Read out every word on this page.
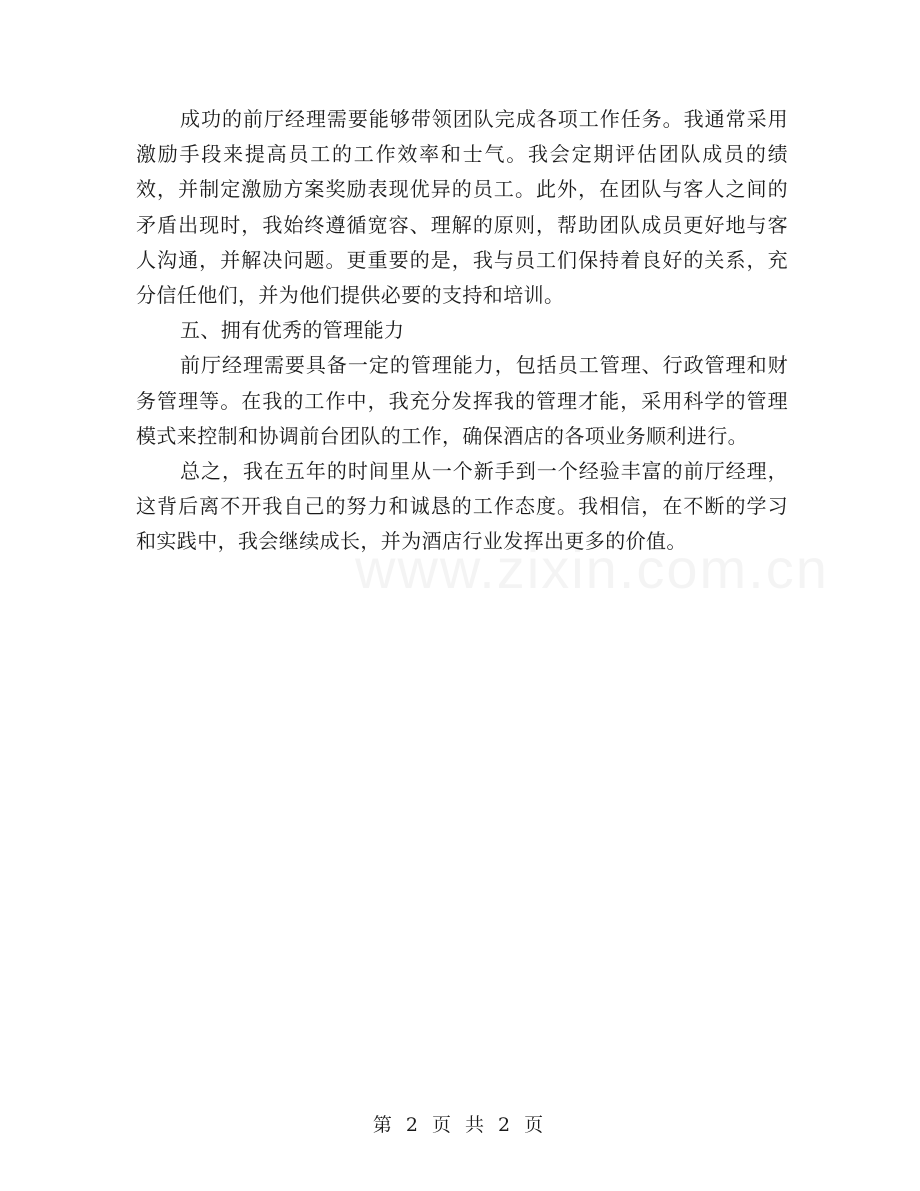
成功的前厅经理需要能够带领团队完成各项工作任务。我通常采用激励手段来提高员工的工作效率和士气。我会定期评估团队成员的绩效，并制定激励方案奖励表现优异的员工。此外，在团队与客人之间的矛盾出现时，我始终遵循宽容、理解的原则，帮助团队成员更好地与客人沟通，并解决问题。更重要的是，我与员工们保持着良好的关系，充分信任他们，并为他们提供必要的支持和培训。

五、拥有优秀的管理能力

前厅经理需要具备一定的管理能力，包括员工管理、行政管理和财务管理等。在我的工作中，我充分发挥我的管理才能，采用科学的管理模式来控制和协调前台团队的工作，确保酒店的各项业务顺利进行。

总之，我在五年的时间里从一个新手到一个经验丰富的前厅经理，这背后离不开我自己的努力和诚恳的工作态度。我相信，在不断的学习和实践中，我会继续成长，并为酒店行业发挥出更多的价值。

第 2 页 共 2 页
